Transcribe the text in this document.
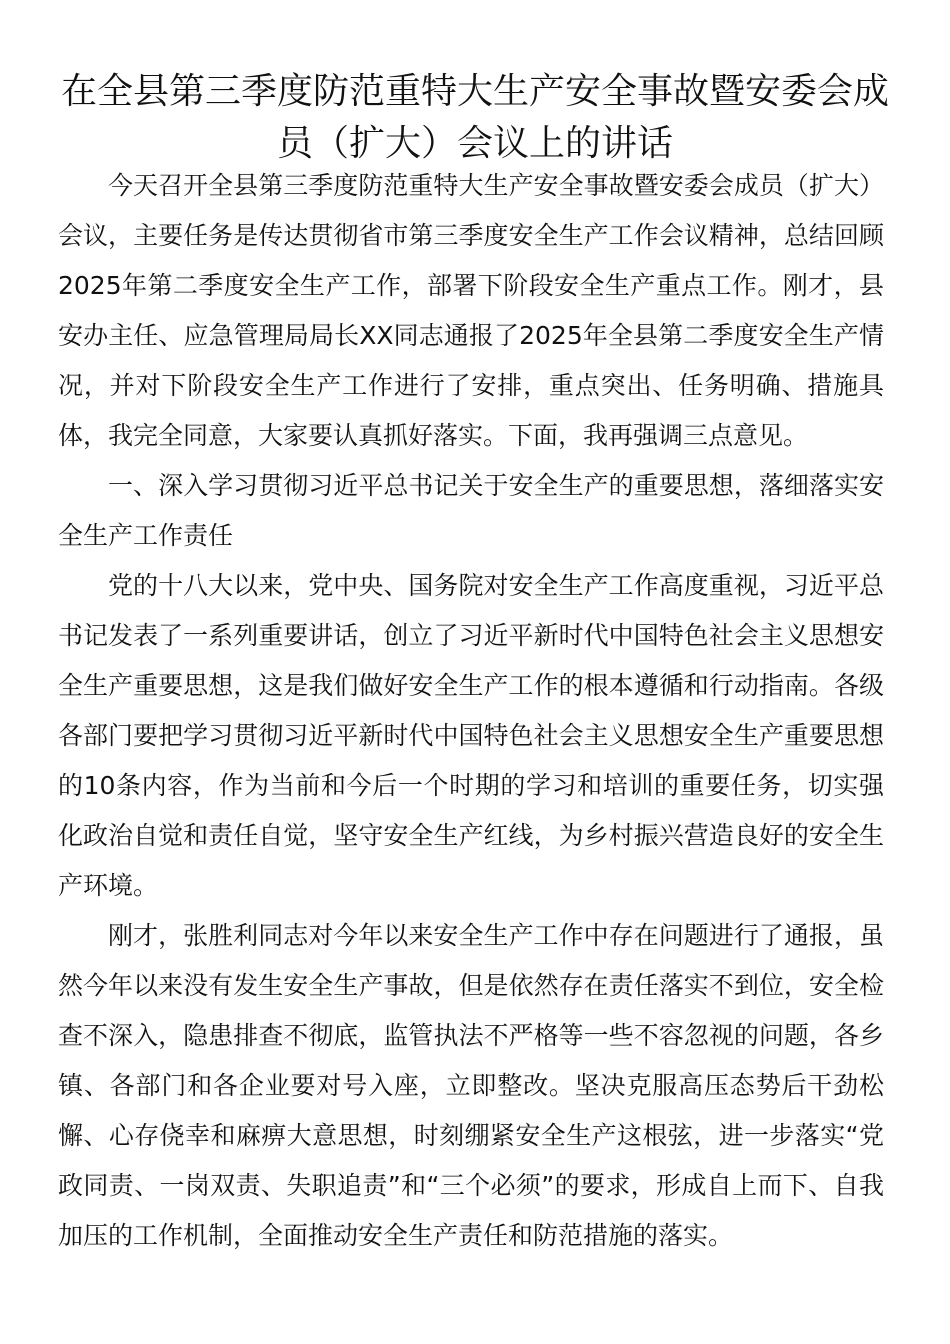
在全县第三季度防范重特大生产安全事故暨安委会成员（扩大）会议上的讲话

今天召开全县第三季度防范重特大生产安全事故暨安委会成员（扩大）会议，主要任务是传达贯彻省市第三季度安全生产工作会议精神，总结回顾2025年第二季度安全生产工作，部署下阶段安全生产重点工作。刚才，县安办主任、应急管理局局长XX同志通报了2025年全县第二季度安全生产情况，并对下阶段安全生产工作进行了安排，重点突出、任务明确、措施具体，我完全同意，大家要认真抓好落实。下面，我再强调三点意见。

一、深入学习贯彻习近平总书记关于安全生产的重要思想，落细落实安全生产工作责任

党的十八大以来，党中央、国务院对安全生产工作高度重视，习近平总书记发表了一系列重要讲话，创立了习近平新时代中国特色社会主义思想安全生产重要思想，这是我们做好安全生产工作的根本遵循和行动指南。各级各部门要把学习贯彻习近平新时代中国特色社会主义思想安全生产重要思想的10条内容，作为当前和今后一个时期的学习和培训的重要任务，切实强化政治自觉和责任自觉，坚守安全生产红线，为乡村振兴营造良好的安全生产环境。

刚才，张胜利同志对今年以来安全生产工作中存在问题进行了通报，虽然今年以来没有发生安全生产事故，但是依然存在责任落实不到位，安全检查不深入，隐患排查不彻底，监管执法不严格等一些不容忽视的问题，各乡镇、各部门和各企业要对号入座，立即整改。坚决克服高压态势后干劲松懈、心存侥幸和麻痹大意思想，时刻绷紧安全生产这根弦，进一步落实“党政同责、一岗双责、失职追责”和“三个必须”的要求，形成自上而下、自我加压的工作机制，全面推动安全生产责任和防范措施的落实。
